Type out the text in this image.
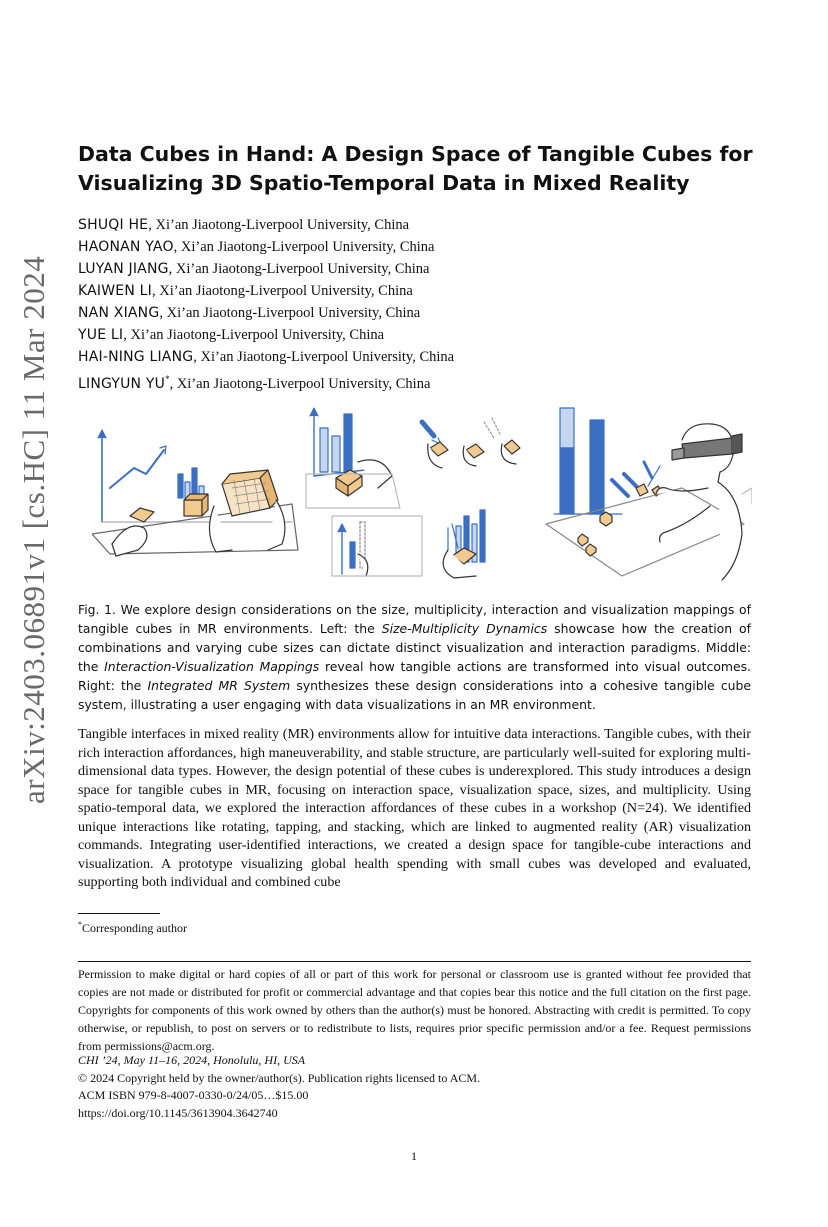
arXiv:2403.06891v1 [cs.HC] 11 Mar 2024
Data Cubes in Hand: A Design Space of Tangible Cubes for
Visualizing 3D Spatio-Temporal Data in Mixed Reality
SHUQI HE, Xi’an Jiaotong-Liverpool University, China
HAONAN YAO, Xi’an Jiaotong-Liverpool University, China
LUYAN JIANG, Xi’an Jiaotong-Liverpool University, China
KAIWEN LI, Xi’an Jiaotong-Liverpool University, China
NAN XIANG, Xi’an Jiaotong-Liverpool University, China
YUE LI, Xi’an Jiaotong-Liverpool University, China
HAI-NING LIANG, Xi’an Jiaotong-Liverpool University, China
LINGYUN YU*, Xi’an Jiaotong-Liverpool University, China
Fig. 1. We explore design considerations on the size, multiplicity, interaction and visualization mappings of tangible cubes in MR environments. Left: the Size-Multiplicity Dynamics showcase how the creation of combinations and varying cube sizes can dictate distinct visualization and interaction paradigms. Middle: the Interaction-Visualization Mappings reveal how tangible actions are transformed into visual outcomes. Right: the Integrated MR System synthesizes these design considerations into a cohesive tangible cube system, illustrating a user engaging with data visualizations in an MR environment.
Tangible interfaces in mixed reality (MR) environments allow for intuitive data interactions. Tangible cubes, with their rich interaction affordances, high maneuverability, and stable structure, are particularly well-suited for exploring multi-dimensional data types. However, the design potential of these cubes is underexplored. This study introduces a design space for tangible cubes in MR, focusing on interaction space, visualization space, sizes, and multiplicity. Using spatio-temporal data, we explored the interaction affordances of these cubes in a workshop (N=24). We identified unique interactions like rotating, tapping, and stacking, which are linked to augmented reality (AR) visualization commands. Integrating user-identified interactions, we created a design space for tangible-cube interactions and visualization. A prototype visualizing global health spending with small cubes was developed and evaluated, supporting both individual and combined cube
*Corresponding author
Permission to make digital or hard copies of all or part of this work for personal or classroom use is granted without fee provided that copies are not made or distributed for profit or commercial advantage and that copies bear this notice and the full citation on the first page. Copyrights for components of this work owned by others than the author(s) must be honored. Abstracting with credit is permitted. To copy otherwise, or republish, to post on servers or to redistribute to lists, requires prior specific permission and/or a fee. Request permissions from permissions@acm.org.
CHI ’24, May 11–16, 2024, Honolulu, HI, USA
© 2024 Copyright held by the owner/author(s). Publication rights licensed to ACM.
ACM ISBN 979-8-4007-0330-0/24/05…$15.00
https://doi.org/10.1145/3613904.3642740
1
